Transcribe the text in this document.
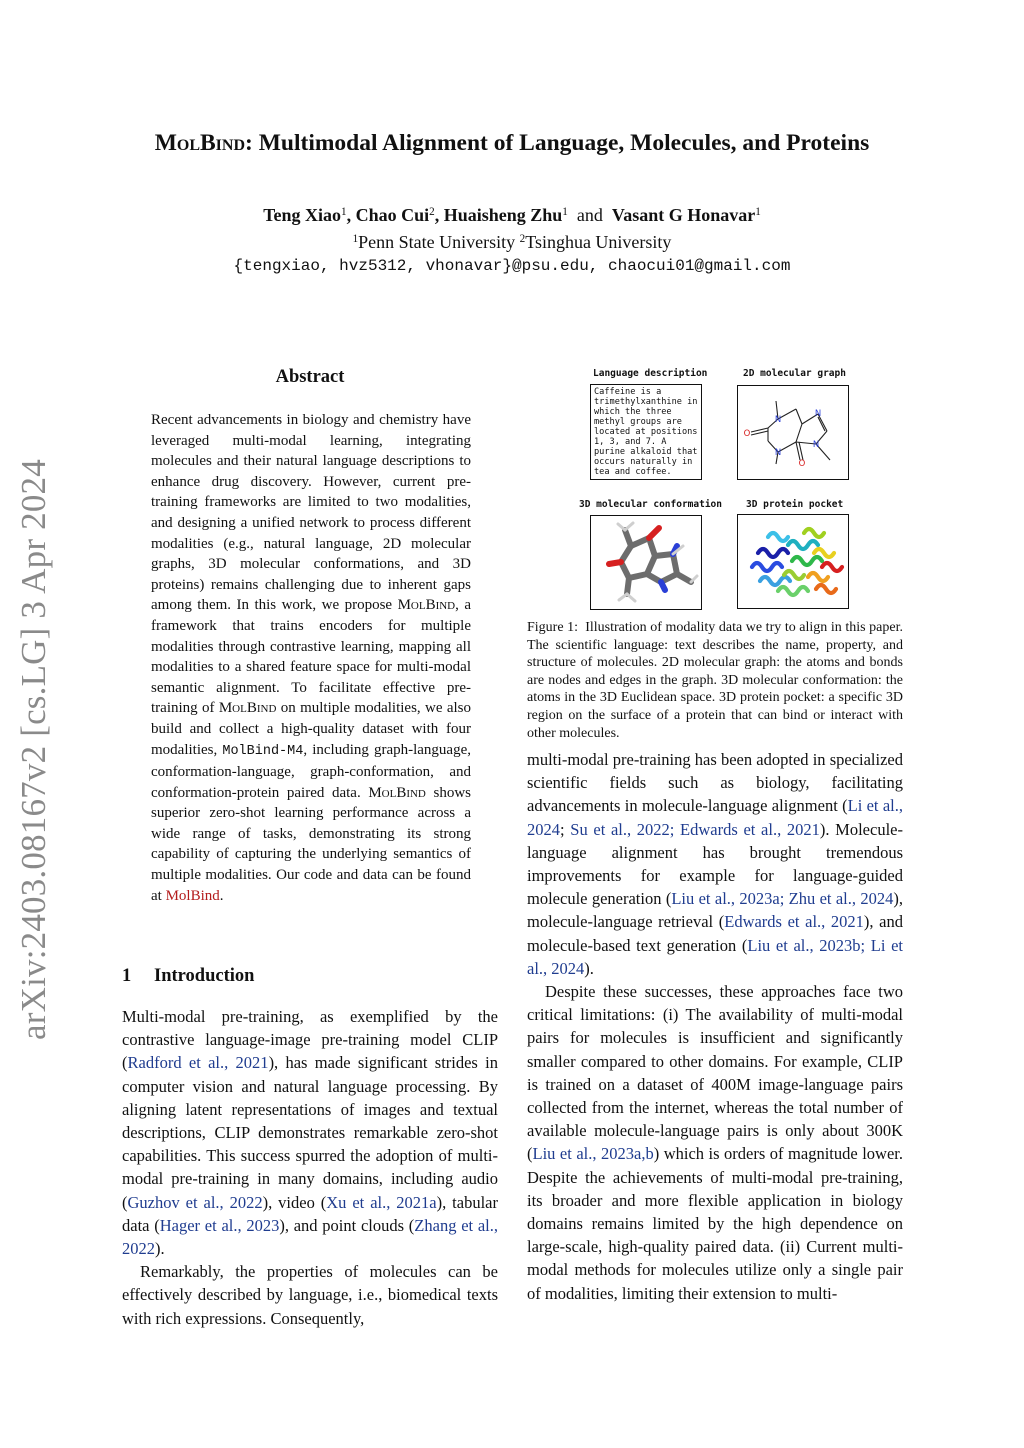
arXiv:2403.08167v2 [cs.LG] 3 Apr 2024
MolBind: Multimodal Alignment of Language, Molecules, and Proteins
Teng Xiao$^1$, Chao Cui$^2$, Huaisheng Zhu$^1$ and Vasant G Honavar$^1$
$^1$Penn State University $^2$Tsinghua University
{tengxiao, hvz5312, vhonavar}@psu.edu, chaocui01@gmail.com
Abstract
Recent advancements in biology and chemistry have leveraged multi-modal learning, integrating molecules and their natural language descriptions to enhance drug discovery. However, current pre-training frameworks are limited to two modalities, and designing a unified network to process different modalities (e.g., natural language, 2D molecular graphs, 3D molecular conformations, and 3D proteins) remains challenging due to inherent gaps among them. In this work, we propose MolBind, a framework that trains encoders for multiple modalities through contrastive learning, mapping all modalities to a shared feature space for multi-modal semantic alignment. To facilitate effective pre-training of MolBind on multiple modalities, we also build and collect a high-quality dataset with four modalities, MolBind-M4, including graph-language, conformation-language, graph-conformation, and conformation-protein paired data. MolBind shows superior zero-shot learning performance across a wide range of tasks, demonstrating its strong capability of capturing the underlying semantics of multiple modalities. Our code and data can be found at MolBind.
1 Introduction

Multi-modal pre-training, as exemplified by the contrastive language-image pre-training model CLIP (Radford et al., 2021), has made significant strides in computer vision and natural language processing. By aligning latent representations of images and textual descriptions, CLIP demonstrates remarkable zero-shot capabilities. This success spurred the adoption of multi-modal pre-training in many domains, including audio (Guzhov et al., 2022), video (Xu et al., 2021a), tabular data (Hager et al., 2023), and point clouds (Zhang et al., 2022).

Remarkably, the properties of molecules can be effectively described by language, i.e., biomedical texts with rich expressions. Consequently,

multi-modal pre-training has been adopted in specialized scientific fields such as biology, facilitating advancements in molecule-language alignment (Li et al., 2024; Su et al., 2022; Edwards et al., 2021). Molecule-language alignment has brought tremendous improvements for example for language-guided molecule generation (Liu et al., 2023a; Zhu et al., 2024), molecule-language retrieval (Edwards et al., 2021), and molecule-based text generation (Liu et al., 2023b; Li et al., 2024).

Despite these successes, these approaches face two critical limitations: (i) The availability of multi-modal pairs for molecules is insufficient and significantly smaller compared to other domains. For example, CLIP is trained on a dataset of 400M image-language pairs collected from the internet, whereas the total number of available molecule-language pairs is only about 300K (Liu et al., 2023a,b) which is orders of magnitude lower. Despite the achievements of multi-modal pre-training, its broader and more flexible application in biology domains remains limited by the high dependence on large-scale, high-quality paired data. (ii) Current multi-modal methods for molecules utilize only a single pair of modalities, limiting their extension to multi-

Language description	2D molecular graph
3D molecular conformation	3D protein pocket
Caffeine is a
trimethylxanthine in
which the three
methyl groups are
located at positions
1, 3, and 7. A
purine alkaloid that
occurs naturally in
tea and coffee.
N
N
N
N
O
O
Figure 1: Illustration of modality data we try to align in this paper. The scientific language: text describes the name, property, and structure of molecules. 2D molecular graph: the atoms and bonds are nodes and edges in the graph. 3D molecular conformation: the atoms in the 3D Euclidean space. 3D protein pocket: a specific 3D region on the surface of a protein that can bind or interact with other molecules.
